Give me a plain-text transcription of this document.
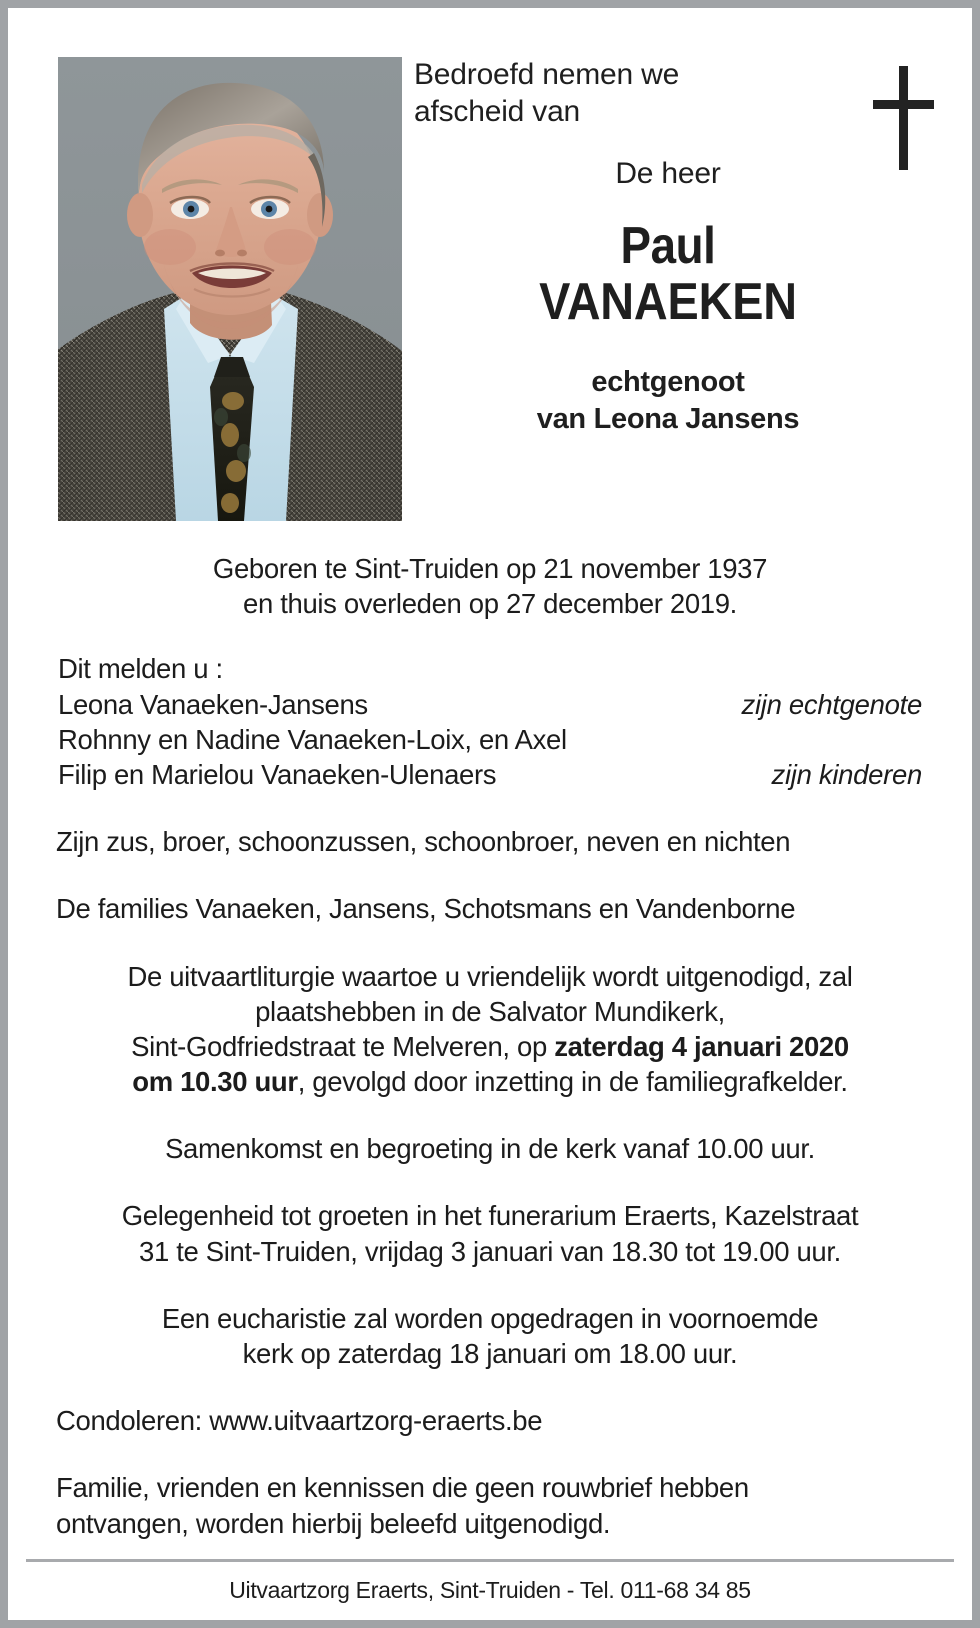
Bedroefd nemen we
afscheid van
De heer
Paul
VANAEKEN
echtgenoot
van Leona Jansens
Geboren te Sint-Truiden op 21 november 1937
en thuis overleden op 27 december 2019.
Dit melden u :
Leona Vanaeken-Jansens	zijn echtgenote
Rohnny en Nadine Vanaeken-Loix, en Axel
Filip en Marielou Vanaeken-Ulenaers	zijn kinderen
Zijn zus, broer, schoonzussen, schoonbroer, neven en nichten
De families Vanaeken, Jansens, Schotsmans en Vandenborne
De uitvaartliturgie waartoe u vriendelijk wordt uitgenodigd, zal
plaatshebben in de Salvator Mundikerk,
Sint-Godfriedstraat te Melveren, op zaterdag 4 januari 2020
om 10.30 uur, gevolgd door inzetting in de familiegrafkelder.
Samenkomst en begroeting in de kerk vanaf 10.00 uur.
Gelegenheid tot groeten in het funerarium Eraerts, Kazelstraat
31 te Sint-Truiden, vrijdag 3 januari van 18.30 tot 19.00 uur.
Een eucharistie zal worden opgedragen in voornoemde
kerk op zaterdag 18 januari om 18.00 uur.
Condoleren: www.uitvaartzorg-eraerts.be
Familie, vrienden en kennissen die geen rouwbrief hebben
ontvangen, worden hierbij beleefd uitgenodigd.
Uitvaartzorg Eraerts, Sint-Truiden - Tel. 011-68 34 85
